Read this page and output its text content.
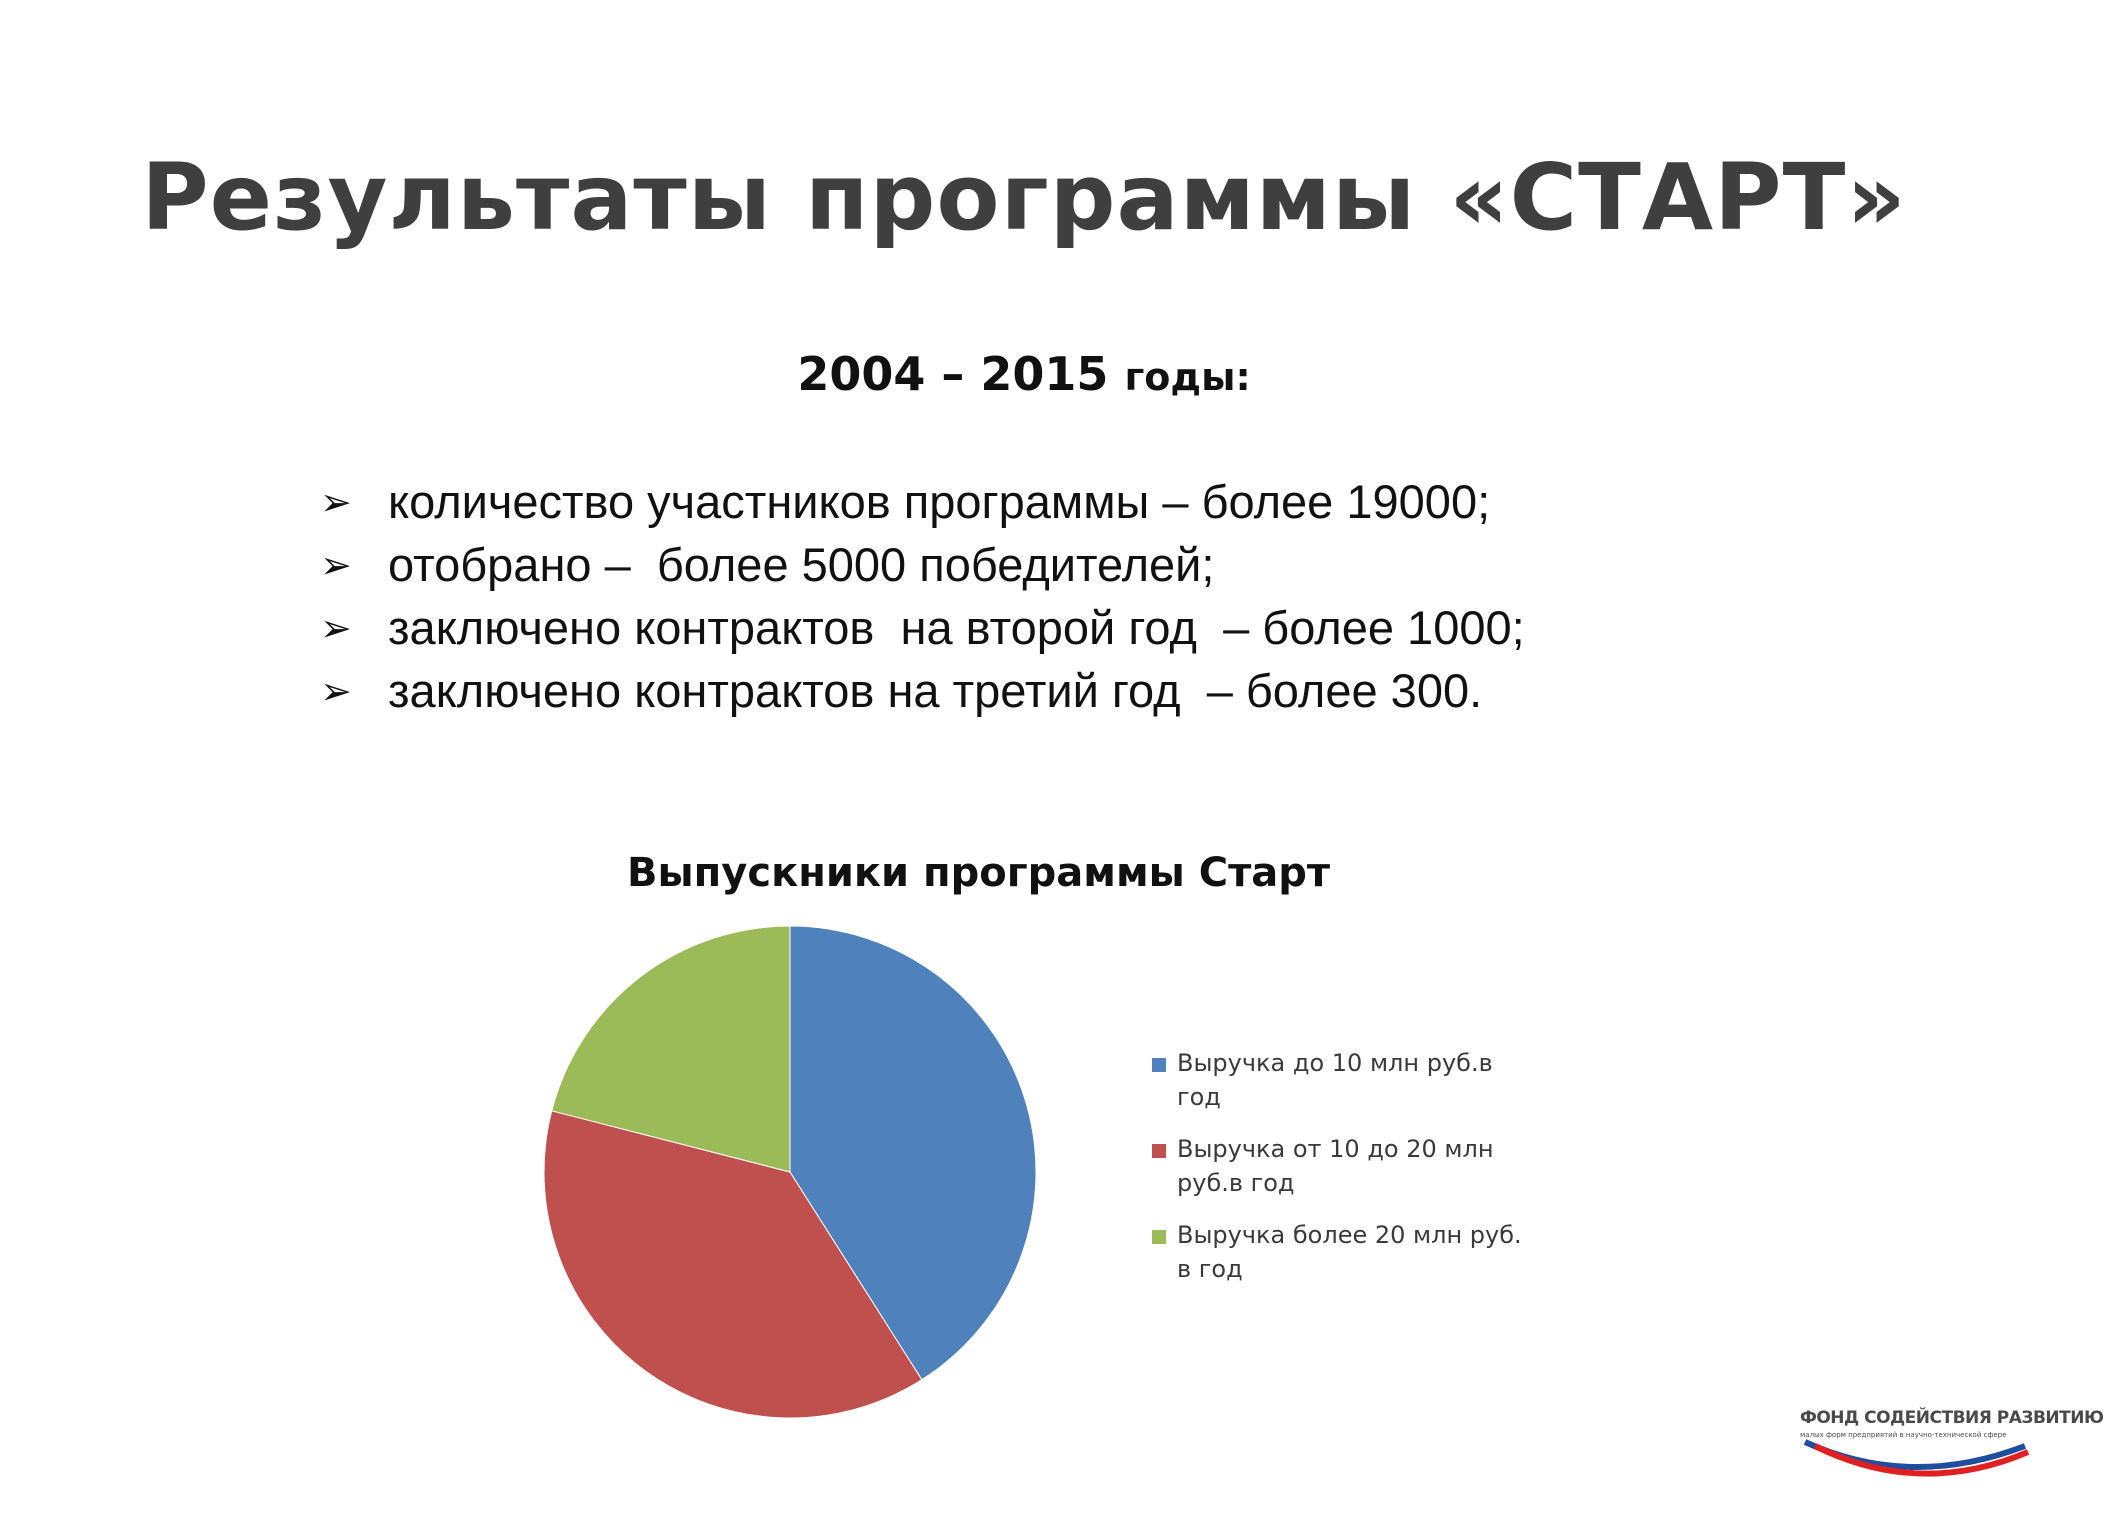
Результаты программы «СТАРТ»
2004 – 2015 годы:
➢ количество участников программы – более 19000;
➢ отобрано –  более 5000 победителей;
➢ заключено контрактов  на второй год  – более 1000;
➢ заключено контрактов на третий год  – более 300.
Выпускники программы Старт
Выручка до 10 млн руб.в год
Выручка от 10 до 20 млн руб.в год
Выручка более 20 млн руб. в год
ФОНД СОДЕЙСТВИЯ РАЗВИТИЮ
малых форм предприятий в научно-технической сфере
